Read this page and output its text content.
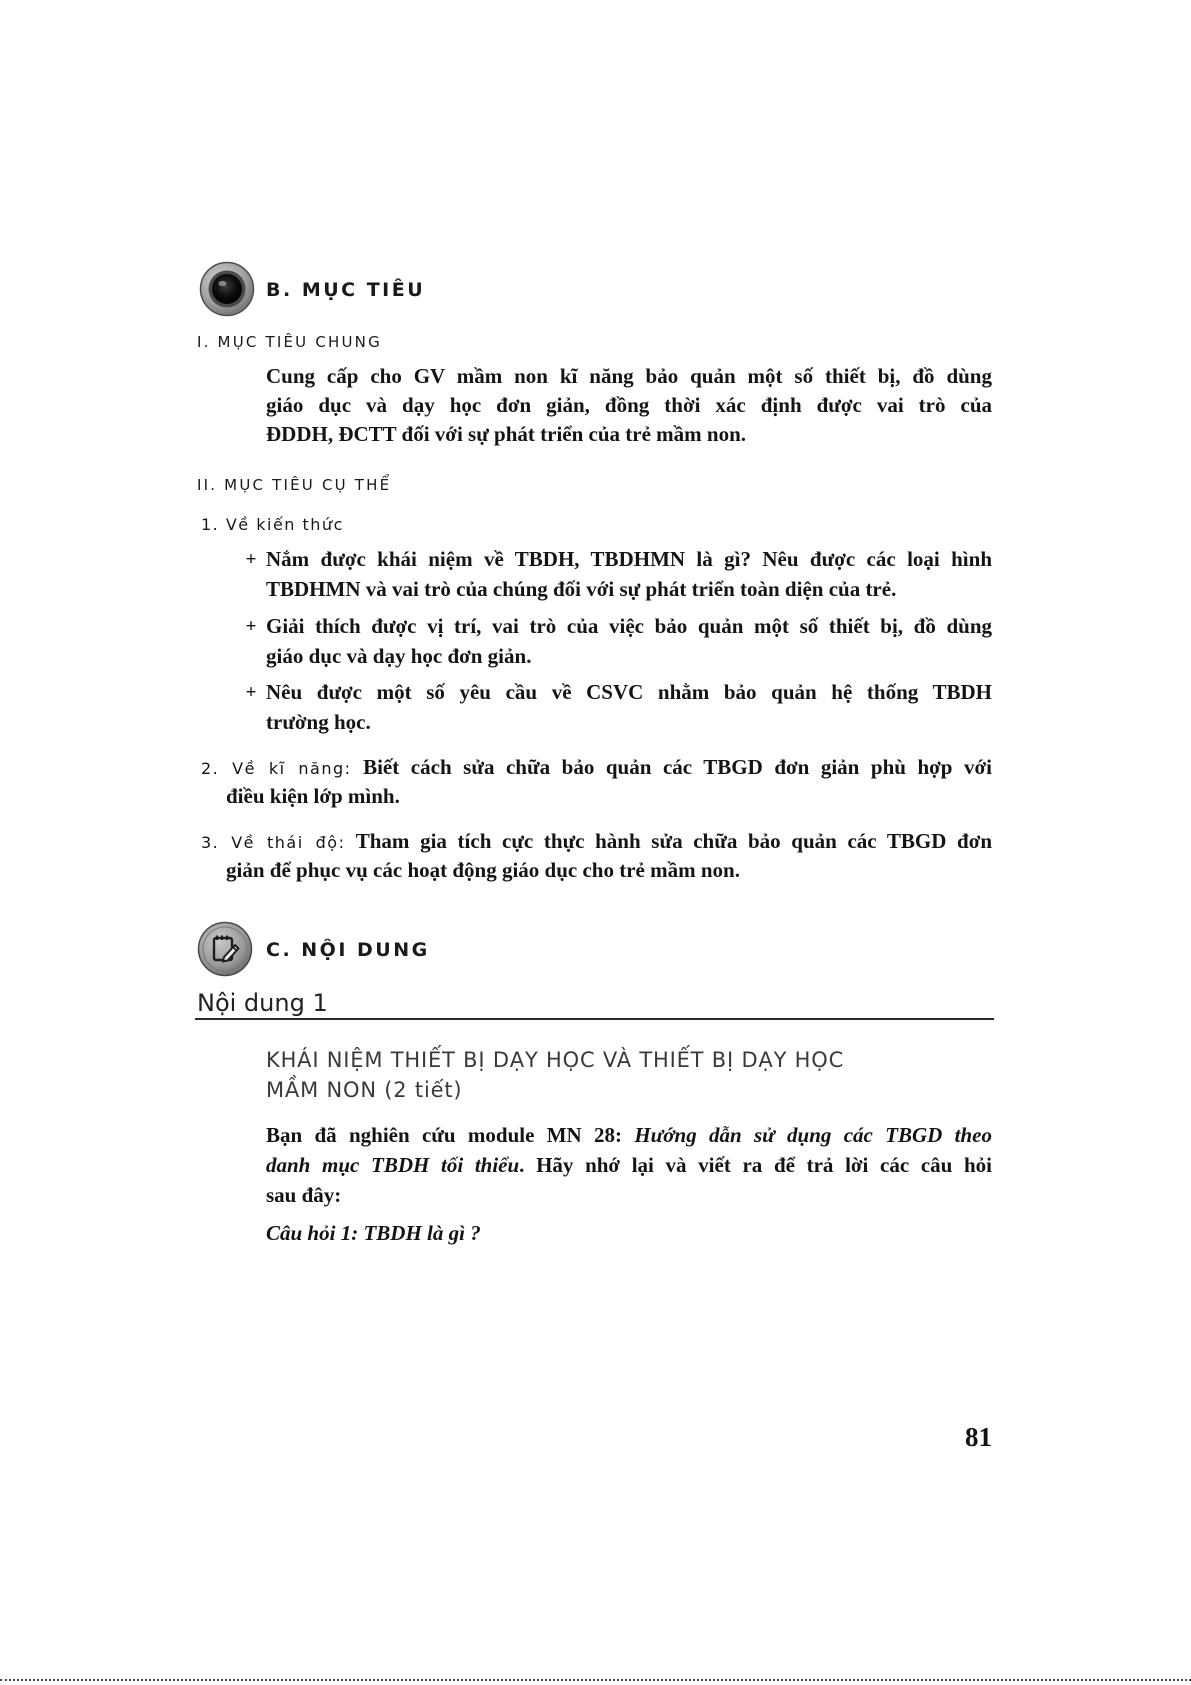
B. MỤC TIÊU
I. MỤC TIÊU CHUNG
Cung cấp cho GV mầm non kĩ năng bảo quản một số thiết bị, đồ dùng
giáo dục và dạy học đơn giản, đồng thời xác định được vai trò của
ĐDDH, ĐCTT đối với sự phát triển của trẻ mầm non.
II. MỤC TIÊU CỤ THỂ
1. Về kiến thức
+ Nắm được khái niệm về TBDH, TBDHMN là gì? Nêu được các loại hình
TBDHMN và vai trò của chúng đối với sự phát triển toàn diện của trẻ.
+ Giải thích được vị trí, vai trò của việc bảo quản một số thiết bị, đồ dùng
giáo dục và dạy học đơn giản.
+ Nêu được một số yêu cầu về CSVC nhằm bảo quản hệ thống TBDH
trường học.
2. Về kĩ năng: Biết cách sửa chữa bảo quản các TBGD đơn giản phù hợp với
điều kiện lớp mình.
3. Về thái độ: Tham gia tích cực thực hành sửa chữa bảo quản các TBGD đơn
giản để phục vụ các hoạt động giáo dục cho trẻ mầm non.
C. NỘI DUNG
Nội dung 1
KHÁI NIỆM THIẾT BỊ DẠY HỌC VÀ THIẾT BỊ DẠY HỌC
MẦM NON (2 tiết)
Bạn đã nghiên cứu module MN 28: Hướng dẫn sử dụng các TBGD theo
danh mục TBDH tối thiểu. Hãy nhớ lại và viết ra để trả lời các câu hỏi
sau đây:
Câu hỏi 1: TBDH là gì ?
81
